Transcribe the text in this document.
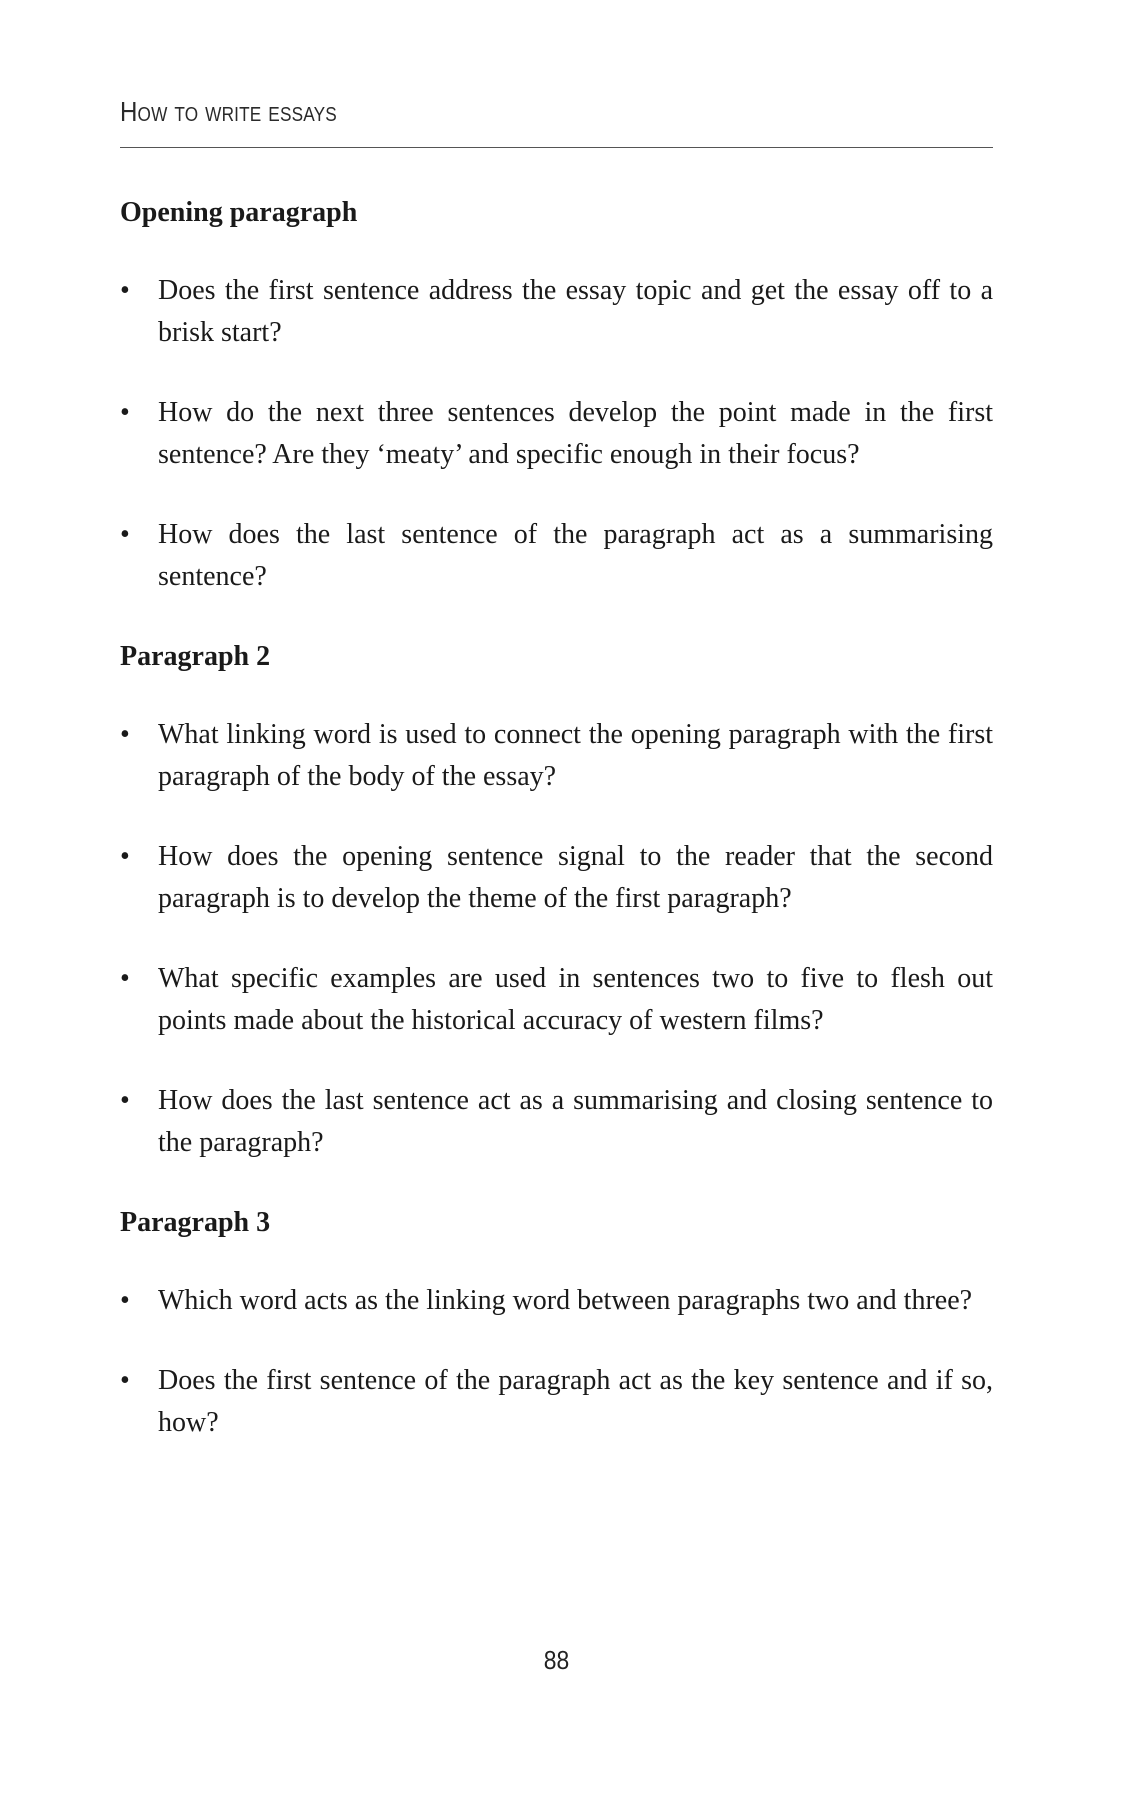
How to write essays
Opening paragraph
• Does the first sentence address the essay topic and get the essay off to a brisk start?
• How do the next three sentences develop the point made in the first sentence? Are they ‘meaty’ and specific enough in their focus?
• How does the last sentence of the paragraph act as a summarising sentence?
Paragraph 2
• What linking word is used to connect the opening paragraph with the first paragraph of the body of the essay?
• How does the opening sentence signal to the reader that the second paragraph is to develop the theme of the first paragraph?
• What specific examples are used in sentences two to five to flesh out points made about the historical accuracy of western films?
• How does the last sentence act as a summarising and closing sentence to the paragraph?
Paragraph 3
• Which word acts as the linking word between paragraphs two and three?
• Does the first sentence of the paragraph act as the key sentence and if so, how?
88
